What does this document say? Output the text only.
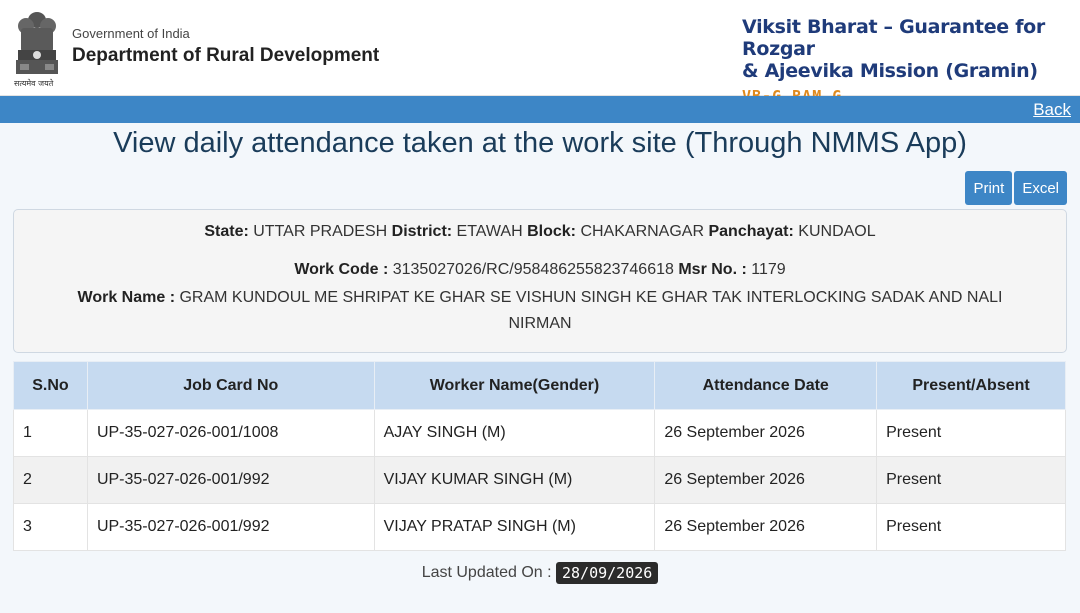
सत्यमेव जयते
Government of India
Department of Rural Development
Viksit Bharat – Guarantee for Rozgar
& Ajeevika Mission (Gramin)
Back
View daily attendance taken at the work site (Through NMMS App)
Print	Excel
State: UTTAR PRADESH District: ETAWAH Block: CHAKARNAGAR Panchayat: KUNDAOL
Work Code : 3135027026/RC/958486255823746618 Msr No. : 1179
Work Name : GRAM KUNDOUL ME SHRIPAT KE GHAR SE VISHUN SINGH KE GHAR TAK INTERLOCKING SADAK AND NALI NIRMAN
S.No	Job Card No	Worker Name(Gender)	Attendance Date	Present/Absent
1	UP-35-027-026-001/1008	AJAY SINGH (M)	26 September 2026	Present
2	UP-35-027-026-001/992	VIJAY KUMAR SINGH (M)	26 September 2026	Present
3	UP-35-027-026-001/992	VIJAY PRATAP SINGH (M)	26 September 2026	Present
Last Updated On : 28/09/2026
